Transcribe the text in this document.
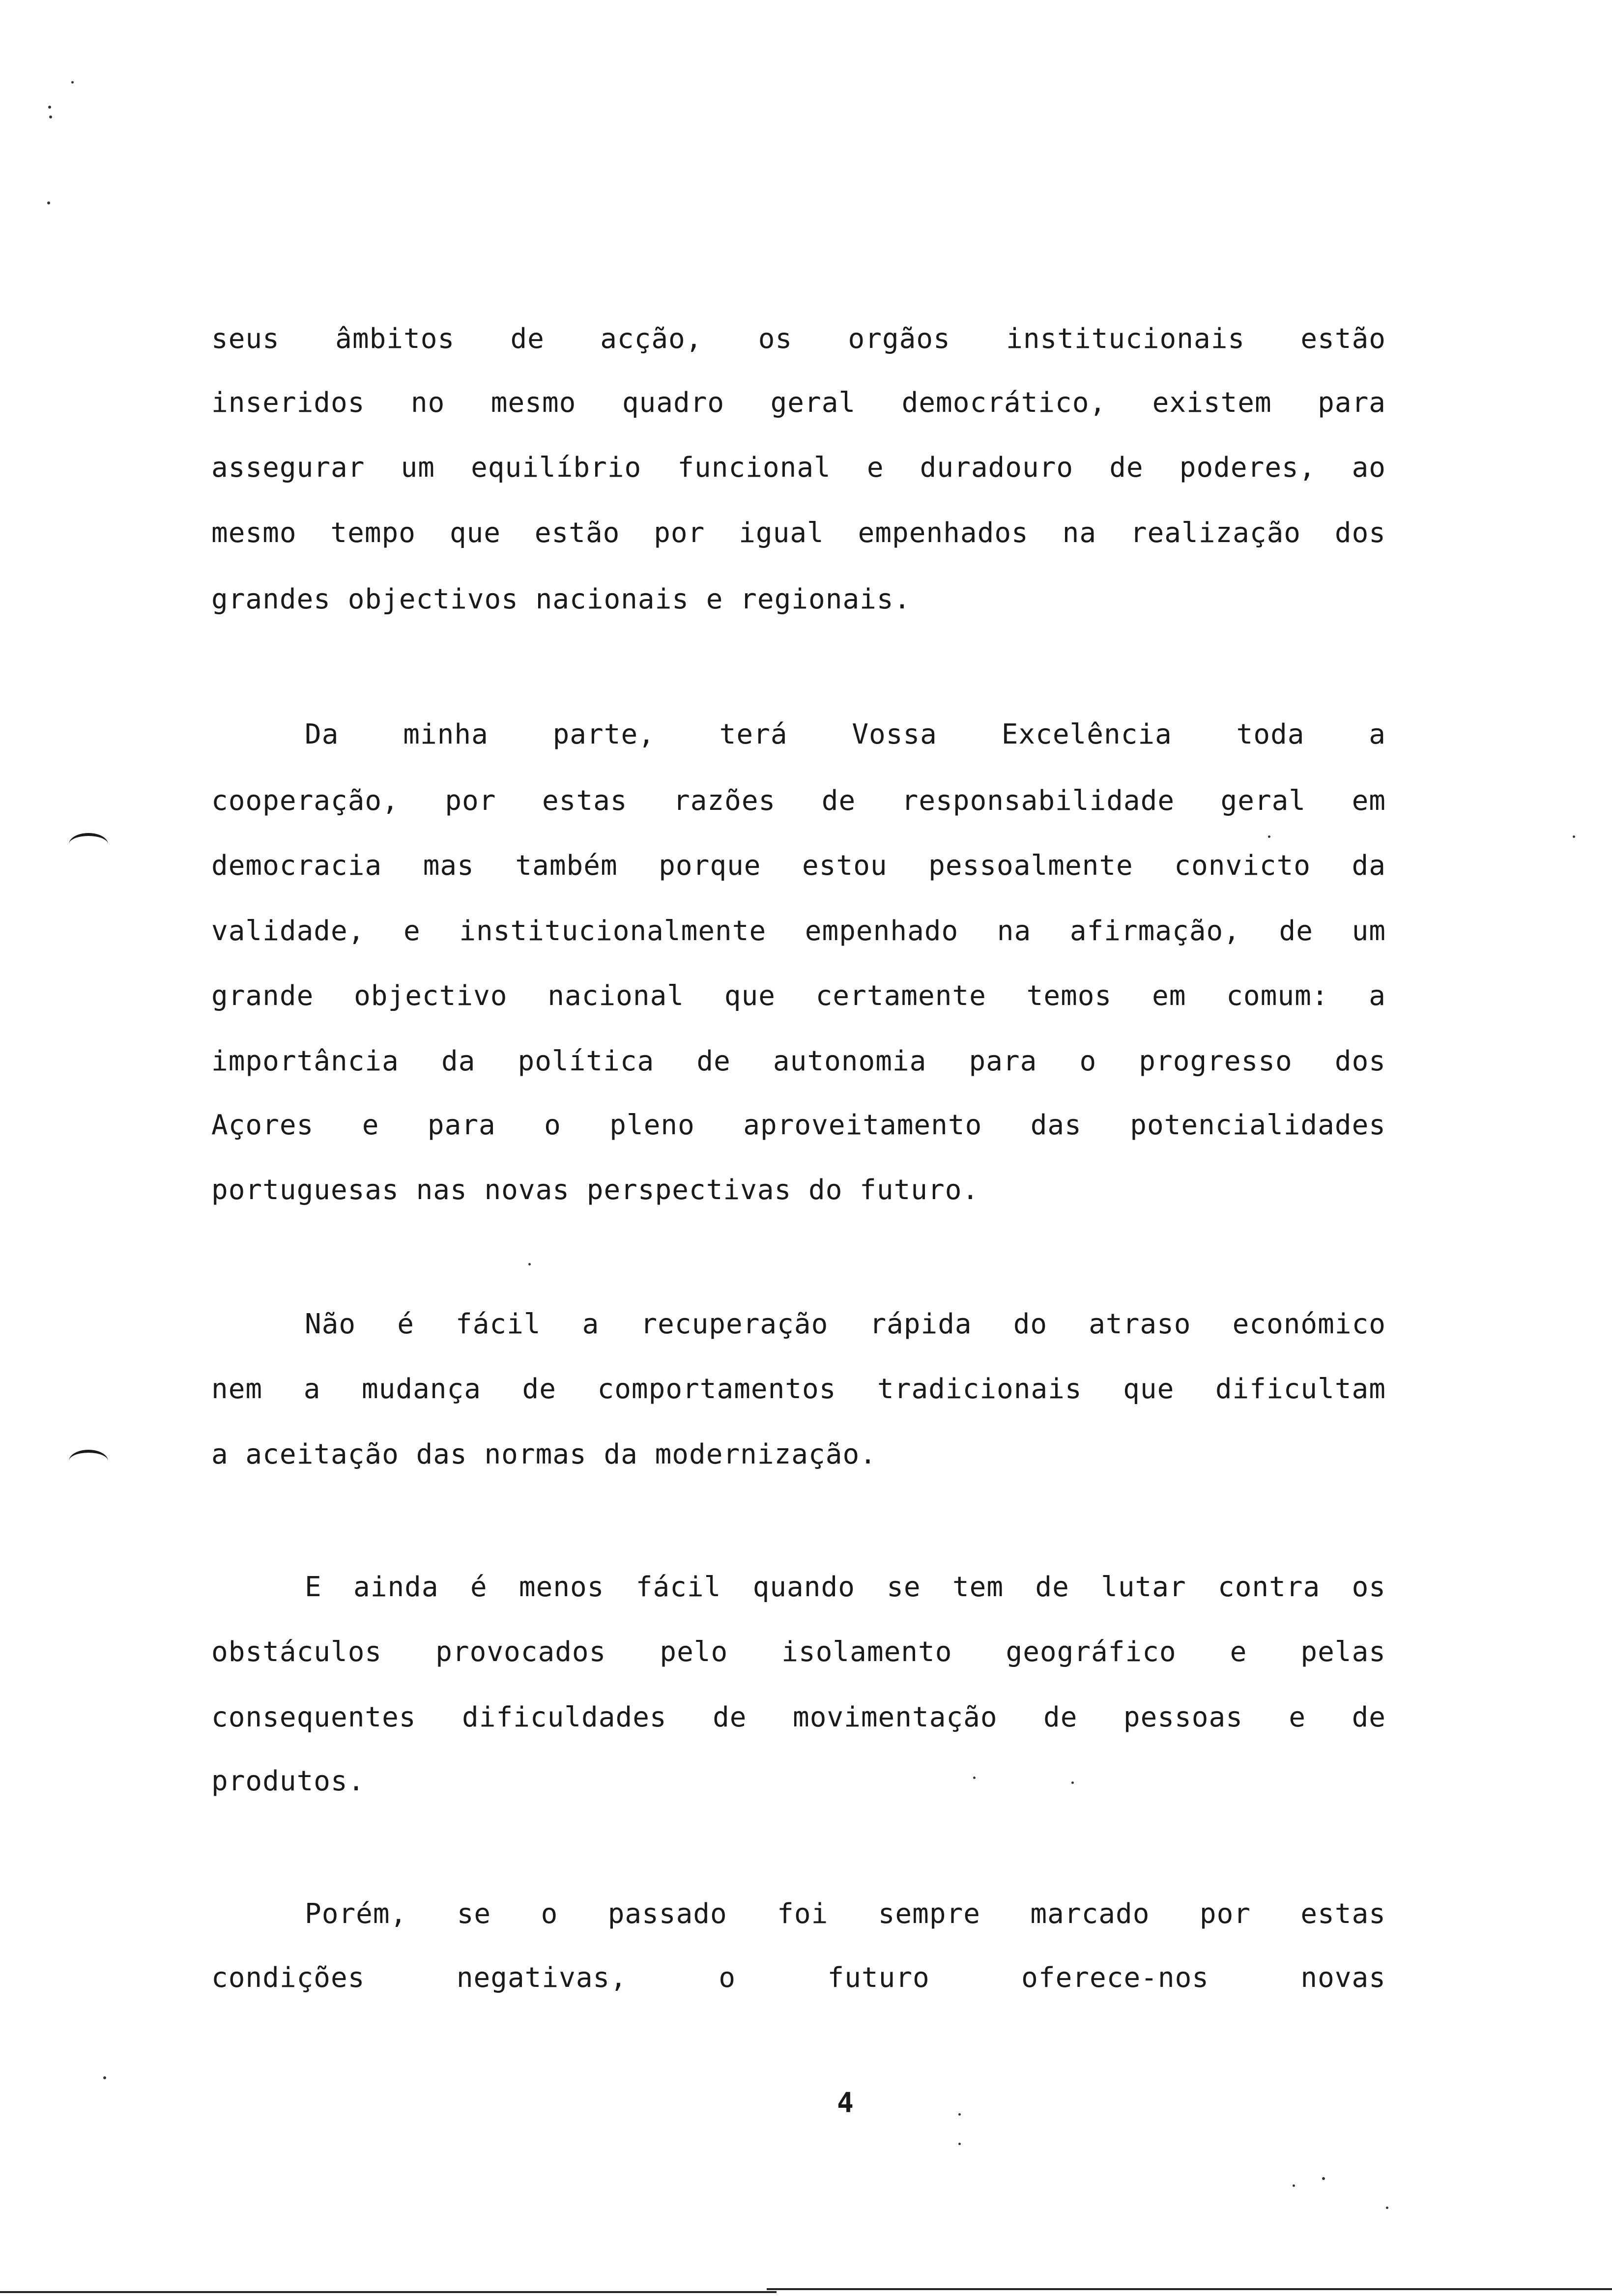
seus âmbitos de acção, os orgãos institucionais estão
inseridos no mesmo quadro geral democrático, existem para
assegurar um equilíbrio funcional e duradouro de poderes, ao
mesmo tempo que estão por igual empenhados na realização dos
grandes objectivos nacionais e regionais.
Da minha parte, terá Vossa Excelência toda a
cooperação, por estas razões de responsabilidade geral em
democracia mas também porque estou pessoalmente convicto da
validade, e institucionalmente empenhado na afirmação, de um
grande objectivo nacional que certamente temos em comum: a
importância da política de autonomia para o progresso dos
Açores e para o pleno aproveitamento das potencialidades
portuguesas nas novas perspectivas do futuro.
Não é fácil a recuperação rápida do atraso económico
nem a mudança de comportamentos tradicionais que dificultam
a aceitação das normas da modernização.
E ainda é menos fácil quando se tem de lutar contra os
obstáculos provocados pelo isolamento geográfico e pelas
consequentes dificuldades de movimentação de pessoas e de
produtos.
Porém, se o passado foi sempre marcado por estas
condições negativas, o futuro oferece-nos novas
4
